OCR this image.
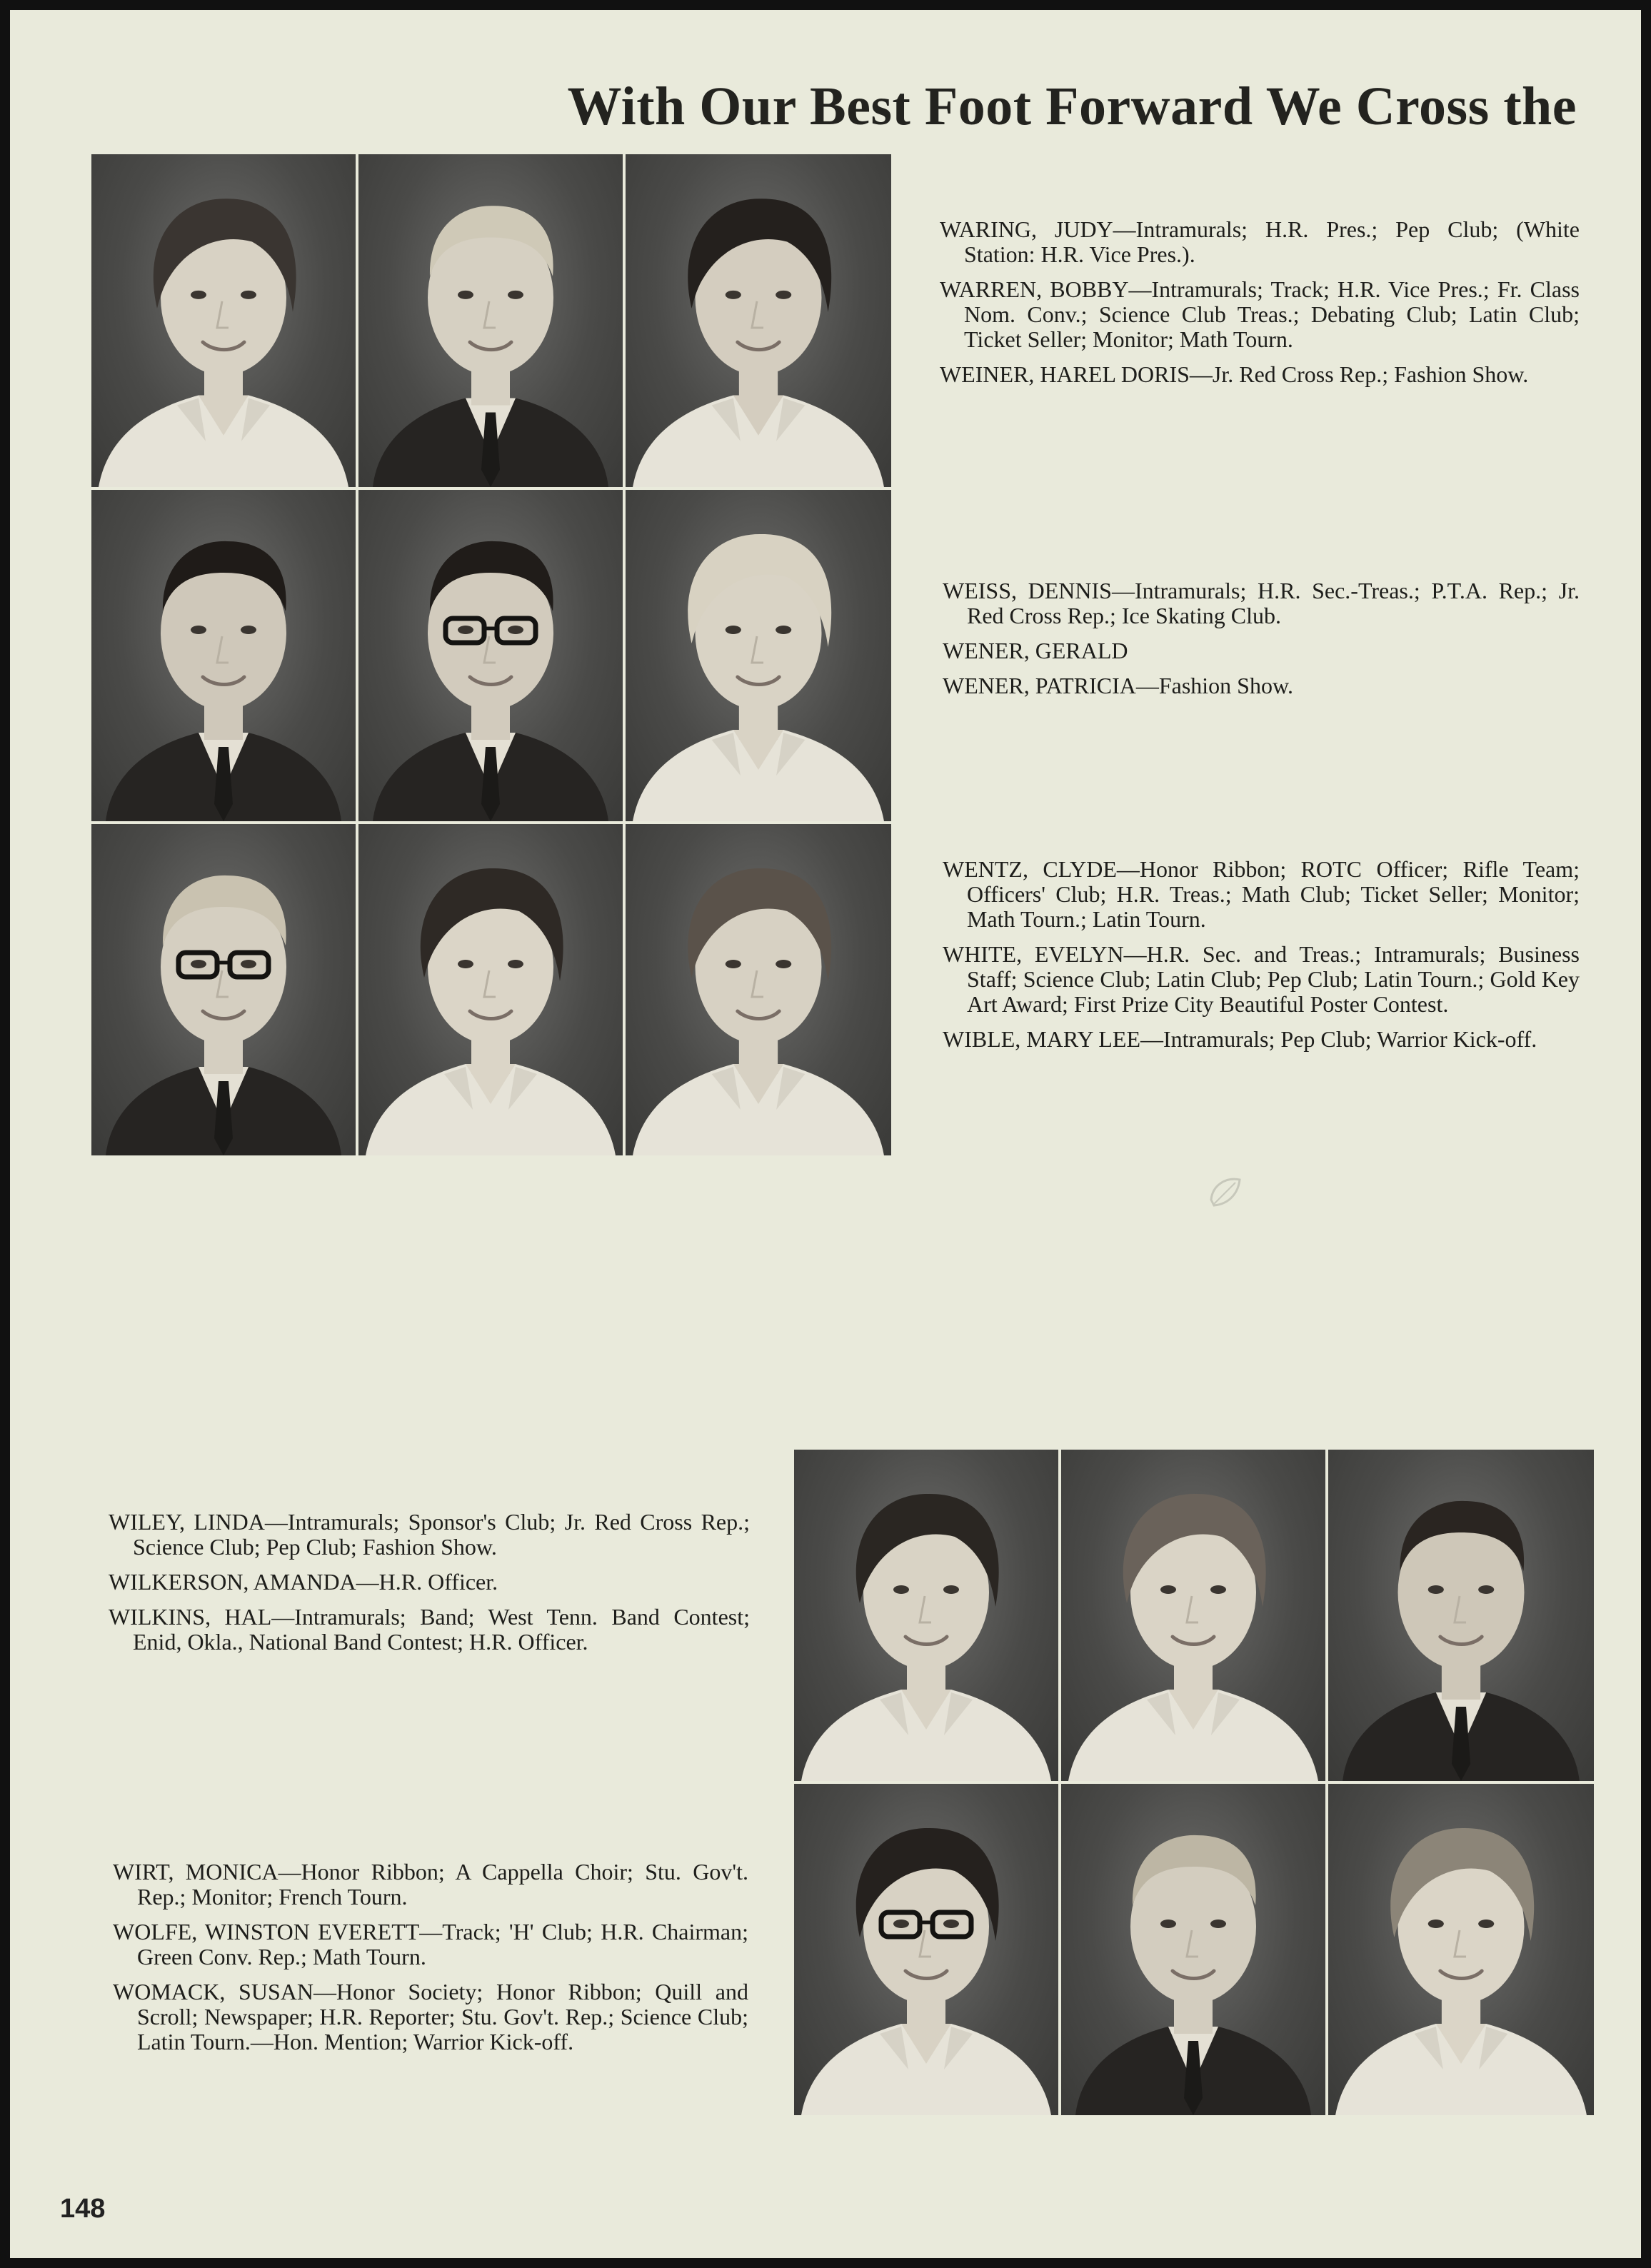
With Our Best Foot Forward We Cross the

WARING, JUDY—Intramurals; H.R. Pres.; Pep Club; (White Station: H.R. Vice Pres.).

WARREN, BOBBY—Intramurals; Track; H.R. Vice Pres.; Fr. Class Nom. Conv.; Science Club Treas.; Debating Club; Latin Club; Ticket Seller; Monitor; Math Tourn.

WEINER, HAREL DORIS—Jr. Red Cross Rep.; Fashion Show.

WEISS, DENNIS—Intramurals; H.R. Sec.-Treas.; P.T.A. Rep.; Jr. Red Cross Rep.; Ice Skating Club.

WENER, GERALD

WENER, PATRICIA—Fashion Show.

WENTZ, CLYDE—Honor Ribbon; ROTC Officer; Rifle Team; Officers' Club; H.R. Treas.; Math Club; Ticket Seller; Monitor; Math Tourn.; Latin Tourn.

WHITE, EVELYN—H.R. Sec. and Treas.; Intramurals; Business Staff; Science Club; Latin Club; Pep Club; Latin Tourn.; Gold Key Art Award; First Prize City Beautiful Poster Contest.

WIBLE, MARY LEE—Intramurals; Pep Club; Warrior Kick-off.

WILEY, LINDA—Intramurals; Sponsor's Club; Jr. Red Cross Rep.; Science Club; Pep Club; Fashion Show.

WILKERSON, AMANDA—H.R. Officer.

WILKINS, HAL—Intramurals; Band; West Tenn. Band Contest; Enid, Okla., National Band Contest; H.R. Officer.

WIRT, MONICA—Honor Ribbon; A Cappella Choir; Stu. Gov't. Rep.; Monitor; French Tourn.

WOLFE, WINSTON EVERETT—Track; 'H' Club; H.R. Chairman; Green Conv. Rep.; Math Tourn.

WOMACK, SUSAN—Honor Society; Honor Ribbon; Quill and Scroll; Newspaper; H.R. Reporter; Stu. Gov't. Rep.; Science Club; Latin Tourn.—Hon. Mention; Warrior Kick-off.

148
